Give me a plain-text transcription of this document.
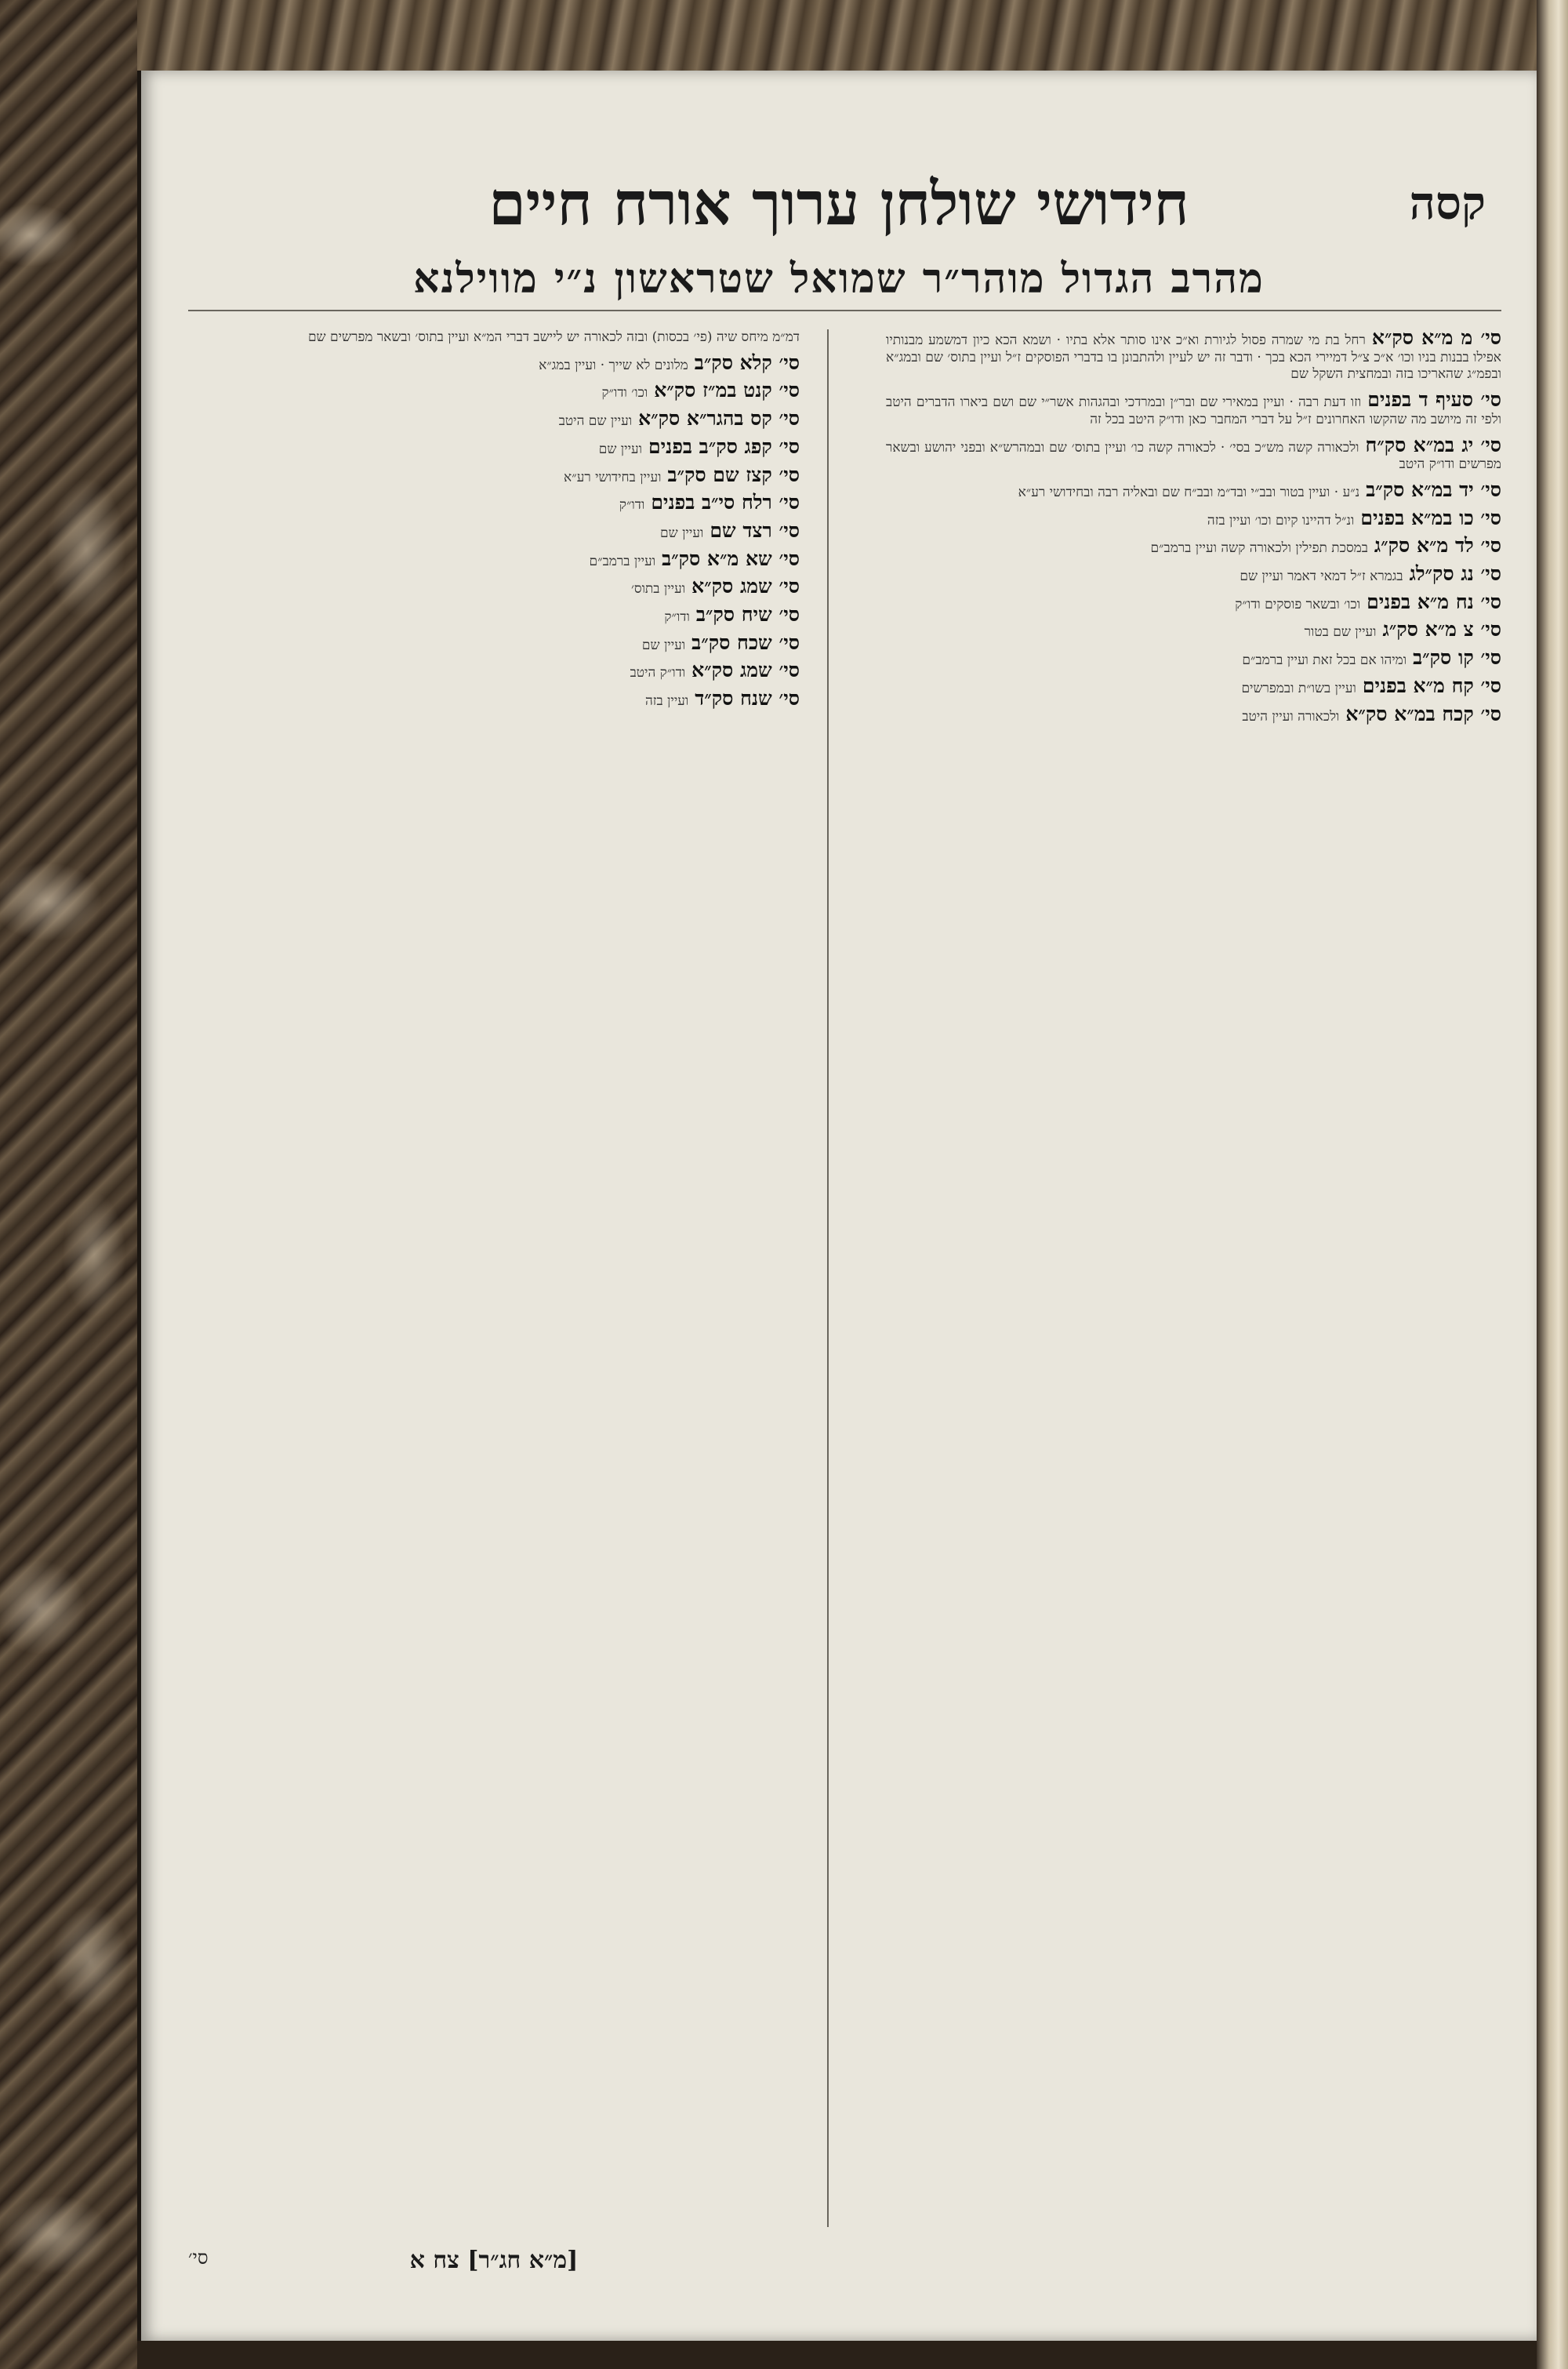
חידושי שולחן ערוך אורח חיים	קסה
מהרב הגדול מוהר״ר שמואל שטראשון נ״י מווילנא

סי׳ מ מ״א סק״ארחל בת מי שמרה פסול לגיורת וא״כ אינו סותר אלא בתיו · ושמא הכא כיון דמשמע מבנותיו אפילו בבנות בניו וכו׳ א״כ צ״ל דמיירי הכא בכך · ודבר זה יש לעיין ולהתבונן בו בדברי הפוסקים ז״ל ועיין בתוס׳ שם ובמג״א ובפמ״ג שהאריכו בזה ובמחצית השקל שם

סי׳ סעיף ד בפניםוזו דעת רבה · ועיין במאירי שם ובר״ן ובמרדכי ובהגהות אשר״י שם ושם ביארו הדברים היטב ולפי זה מיושב מה שהקשו האחרונים ז״ל על דברי המחבר כאן ודו״ק היטב בכל זה

סי׳ יג במ״א סק״חולכאורה קשה מש״כ בסי׳ · לכאורה קשה כו׳ ועיין בתוס׳ שם ובמהרש״א ובפני יהושע ובשאר מפרשים ודו״ק היטב

סי׳ יד במ״א סק״בנ״ע · ועיין בטור ובב״י ובד״מ ובב״ח שם ובאליה רבה ובחידושי רע״א

סי׳ כו במ״א בפניםונ״ל דהיינו קיום וכו׳ ועיין בזה

סי׳ לד מ״א סק״גבמסכת תפילין ולכאורה קשה ועיין ברמב״ם

סי׳ נג סק״לגבגמרא ז״ל דמאי דאמר ועיין שם

סי׳ נח מ״א בפניםוכו׳ ובשאר פוסקים ודו״ק

סי׳ צ מ״א סק״גועיין שם בטור

סי׳ קו סק״בומיהו אם בכל זאת ועיין ברמב״ם

סי׳ קח מ״א בפניםועיין בשו״ת ובמפרשים

סי׳ קכח במ״א סק״אולכאורה ועיין היטב

דמ״מ מיחס שיה (פי׳ בכסות) ובזה לכאורה יש ליישב דברי המ״א ועיין בתוס׳ ובשאר מפרשים שם

סי׳ קלא סק״במלונים לא שייך · ועיין במג״א

סי׳ קנט במ״ז סק״אוכו׳ ודו״ק

סי׳ קס בהגר״א סק״אועיין שם היטב

סי׳ קפג סק״ב בפניםועיין שם

סי׳ קצז שם סק״בועיין בחידושי רע״א

סי׳ רלח סי״ב בפניםודו״ק

סי׳ רצד שםועיין שם

סי׳ שא מ״א סק״בועיין ברמב״ם

סי׳ שמג סק״אועיין בתוס׳

סי׳ שיח סק״בודו״ק

סי׳ שכח סק״בועיין שם

סי׳ שמג סק״אודו״ק היטב

סי׳ שנח סק״דועיין בזה

[מ״א חג״ר] צח א
סי׳
